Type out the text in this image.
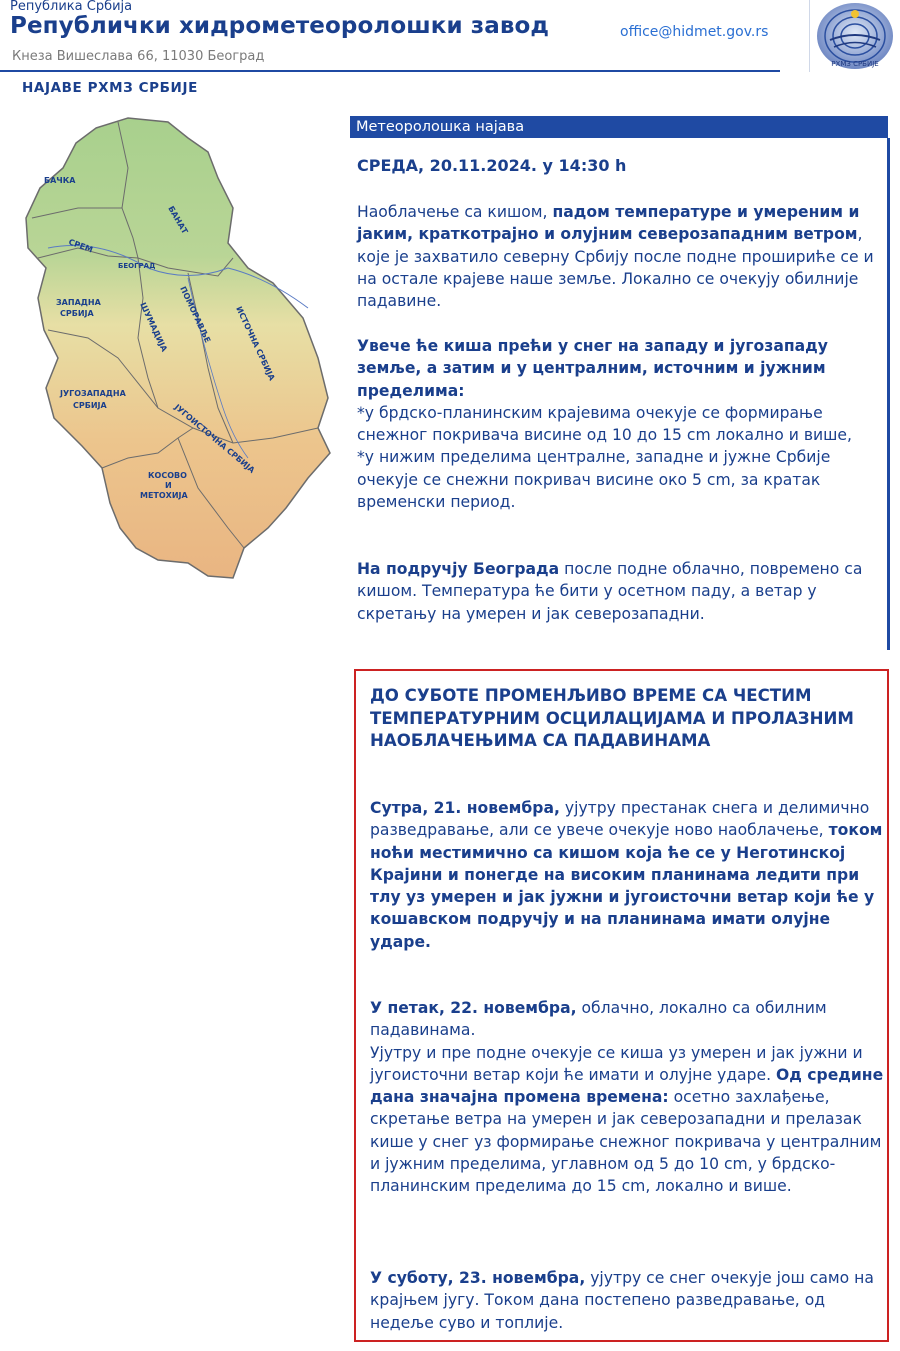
Република Србија
Републички хидрометеоролошки завод
Кнеза Вишеслава 66, 11030 Београд
office@hidmet.gov.rs
РХМЗ СРБИЈЕ
НАЈАВЕ РХМЗ СРБИЈЕ
БАЧКА
БАНАТ
СРЕМ
БЕОГРАД
ЗАПАДНА
СРБИЈА	ШУМАДИЈА ПОМОРАВЉЕ	ИСТОЧНА СРБИЈА
ЈУГОЗАПАДНА
СРБИЈА	ЈУГОИСТОЧНА СРБИЈА
КОСОВО
И
МЕТОХИЈА
Метеоролошка најава
СРЕДА, 20.11.2024. у 14:30 h
Наоблачење са кишом, падом температуре и умереним и јаким, краткотрајно и олујним северозападним ветром, које је захватило северну Србију после подне прошириће се и на остале крајеве наше земље. Локално се очекују обилније падавине.
Увече ће киша прећи у снег на западу и југозападу земље, а затим и у централним, источним и јужним пределима:
*у брдско-планинским крајевима очекује се формирање снежног покривача висине од 10 до 15 cm локално и више,
*у нижим пределима централне, западне и јужне Србије очекује се снежни покривач висине око 5 cm, за кратак временски период.
На подручју Београда после подне облачно, повремено са кишом. Температура ће бити у осетном паду, а ветар у скретању на умерен и јак северозападни.
ДО СУБОТЕ ПРОМЕНЉИВО ВРЕМЕ СА ЧЕСТИМ ТЕМПЕРАТУРНИМ ОСЦИЛАЦИЈАМА И ПРОЛАЗНИМ НАОБЛАЧЕЊИМА СА ПАДАВИНАМА
Сутра, 21. новембра, ујутру престанак снега и делимично разведравање, али се увече очекује ново наоблачење, током ноћи местимично са кишом која ће се у Неготинској Крајини и понегде на високим планинама ледити при тлу уз умерен и јак јужни и југоисточни ветар који ће у кошавском подручју и на планинама имати олујне ударе.
У петак, 22. новембра, облачно, локално са обилним падавинама.
Ујутру и пре подне очекује се киша уз умерен и јак јужни и југоисточни ветар који ће имати и олујне ударе. Од средине дана значајна промена времена: осетно захлађење, скретање ветра на умерен и јак северозападни и прелазак кише у снег уз формирање снежног покривача у централним и јужним пределима, углавном од 5 до 10 cm, у брдско-планинским пределима до 15 cm, локално и више.
У суботу, 23. новембра, ујутру се снег очекује још само на крајњем југу. Током дана постепено разведравање, од недеље суво и топлије.
